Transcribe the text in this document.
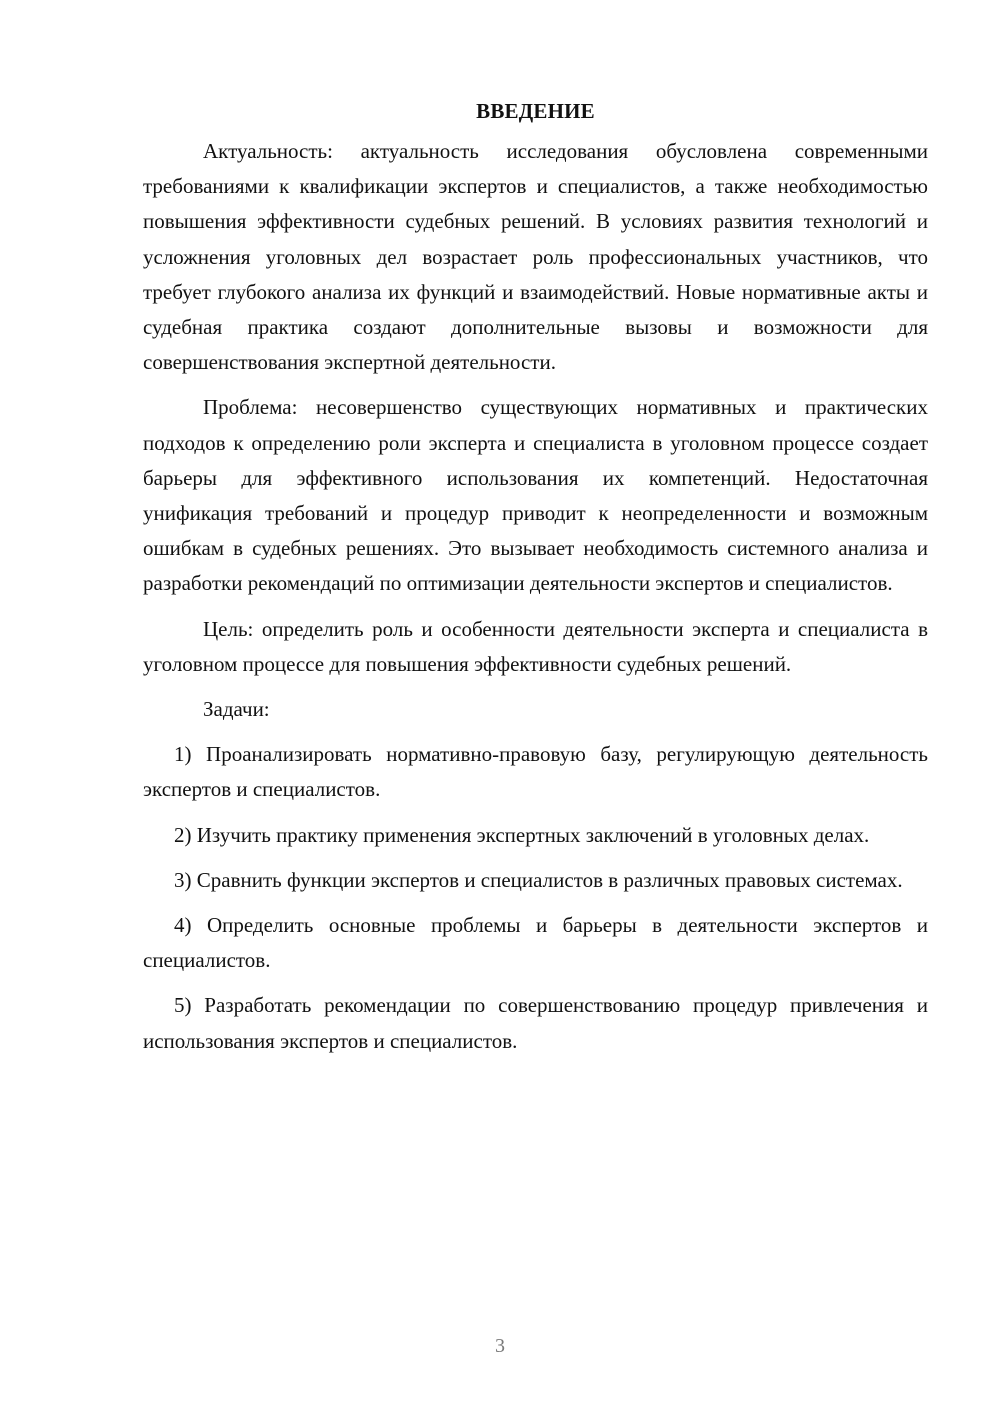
ВВЕДЕНИЕ

Актуальность: актуальность исследования обусловлена современными требованиями к квалификации экспертов и специалистов, а также необходимостью повышения эффективности судебных решений. В условиях развития технологий и усложнения уголовных дел возрастает роль профессиональных участников, что требует глубокого анализа их функций и взаимодействий. Новые нормативные акты и судебная практика создают дополнительные вызовы и возможности для совершенствования экспертной деятельности.

Проблема: несовершенство существующих нормативных и практических подходов к определению роли эксперта и специалиста в уголовном процессе создает барьеры для эффективного использования их компетенций. Недостаточная унификация требований и процедур приводит к неопределенности и возможным ошибкам в судебных решениях. Это вызывает необходимость системного анализа и разработки рекомендаций по оптимизации деятельности экспертов и специалистов.

Цель: определить роль и особенности деятельности эксперта и специалиста в уголовном процессе для повышения эффективности судебных решений.

Задачи:

1) Проанализировать нормативно-правовую базу, регулирующую деятельность экспертов и специалистов.

2) Изучить практику применения экспертных заключений в уголовных делах.

3) Сравнить функции экспертов и специалистов в различных правовых системах.

4) Определить основные проблемы и барьеры в деятельности экспертов и специалистов.

5) Разработать рекомендации по совершенствованию процедур привлечения и использования экспертов и специалистов.

3
